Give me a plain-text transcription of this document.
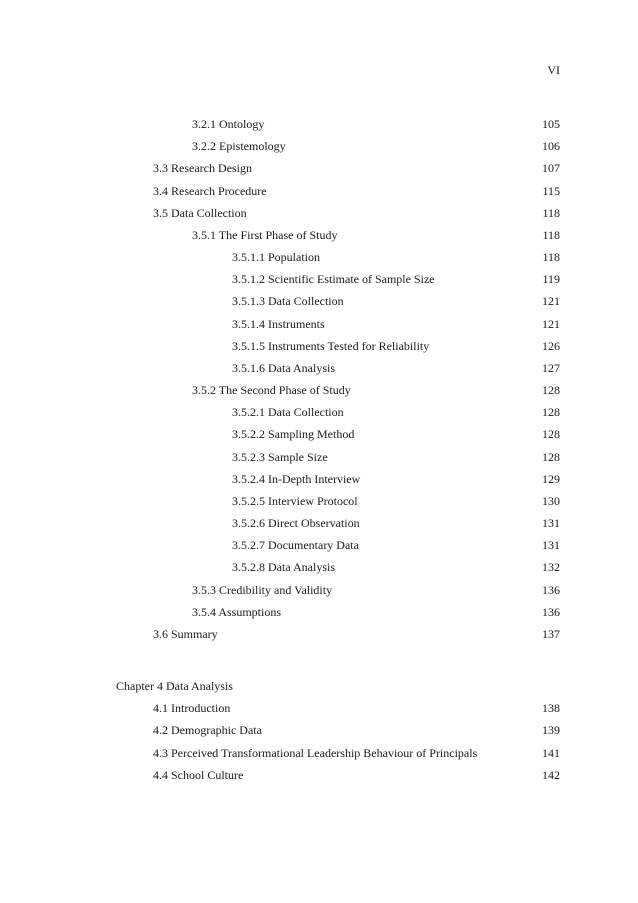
VI
3.2.1 Ontology	105
3.2.2 Epistemology	106
3.3 Research Design	107
3.4 Research Procedure	115
3.5 Data Collection	118
3.5.1 The First Phase of Study	118
3.5.1.1 Population	118
3.5.1.2 Scientific Estimate of Sample Size	119
3.5.1.3 Data Collection	121
3.5.1.4 Instruments	121
3.5.1.5 Instruments Tested for Reliability	126
3.5.1.6 Data Analysis	127
3.5.2 The Second Phase of Study	128
3.5.2.1 Data Collection	128
3.5.2.2 Sampling Method	128
3.5.2.3 Sample Size	128
3.5.2.4 In-Depth Interview	129
3.5.2.5 Interview Protocol	130
3.5.2.6 Direct Observation	131
3.5.2.7 Documentary Data	131
3.5.2.8 Data Analysis	132
3.5.3 Credibility and Validity	136
3.5.4 Assumptions	136
3.6 Summary	137
Chapter 4 Data Analysis
4.1 Introduction	138
4.2 Demographic Data	139
4.3 Perceived Transformational Leadership Behaviour of Principals	141
4.4 School Culture	142
